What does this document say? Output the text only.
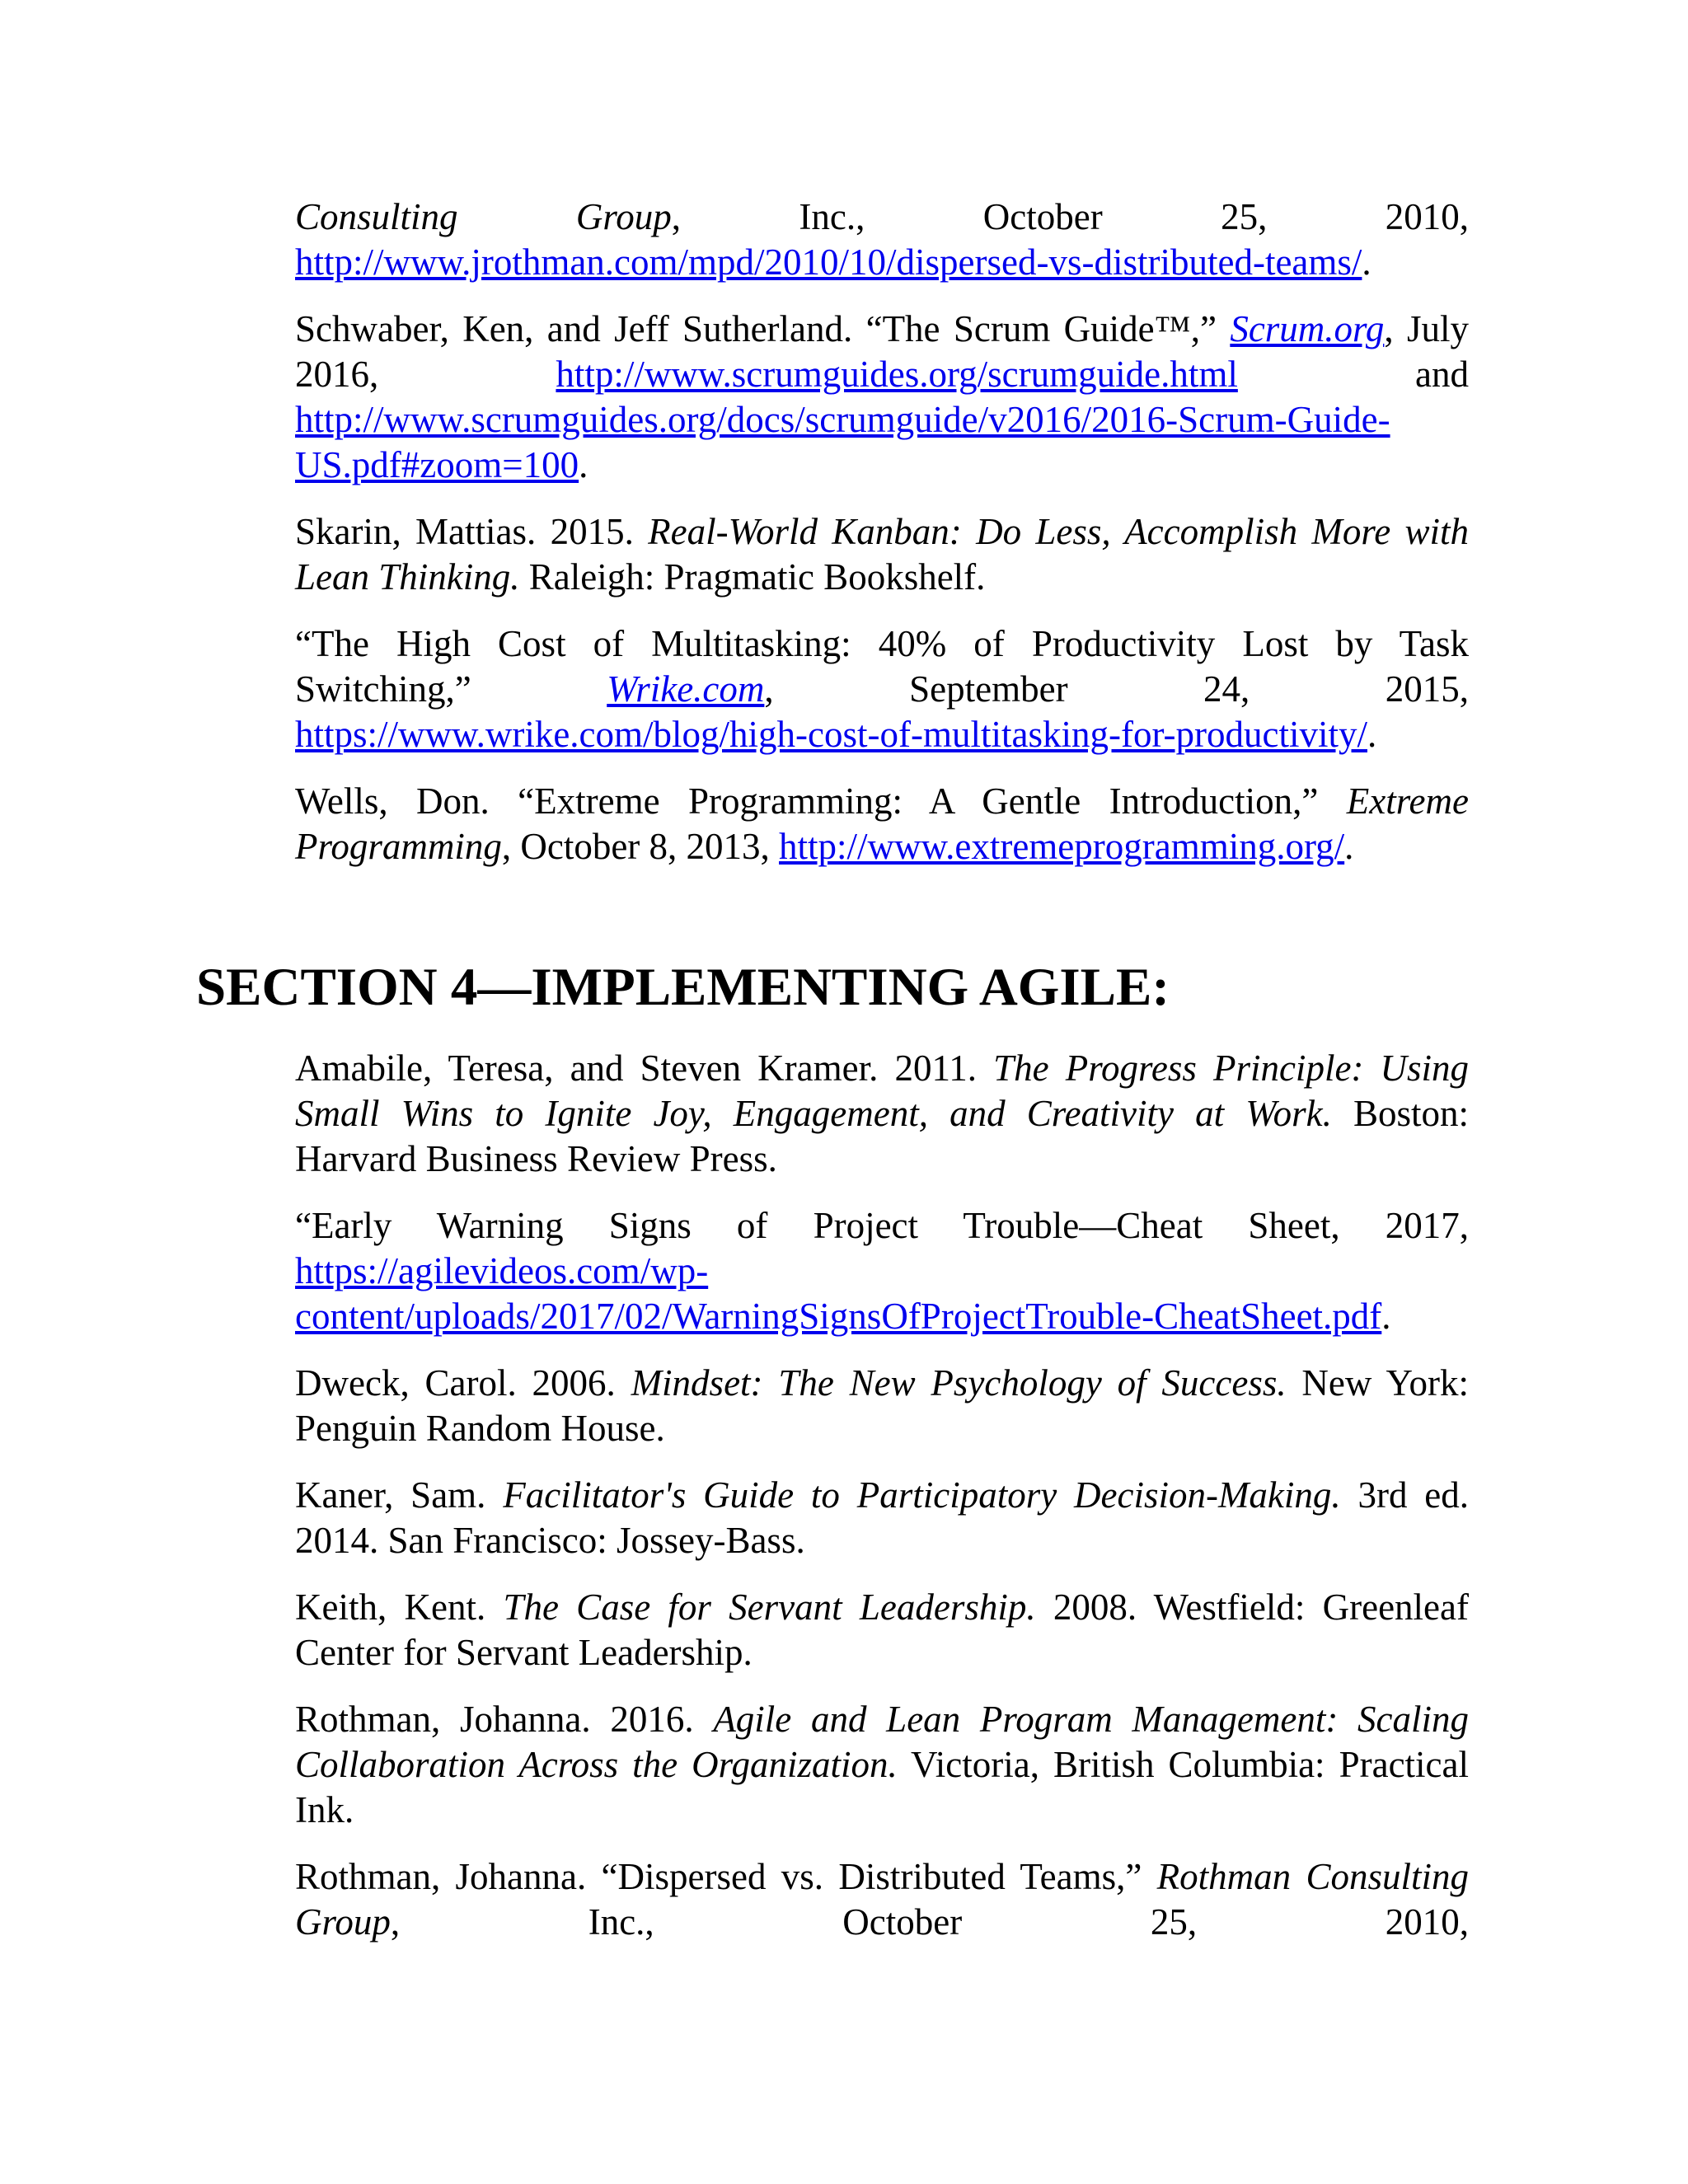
Consulting Group, Inc., October 25, 2010, http://www.jrothman.com/mpd/2010/10/dispersed-vs-distributed-teams/.

Schwaber, Ken, and Jeff Sutherland. “The Scrum Guide™,” Scrum.org, July 2016, http://www.scrumguides.org/scrumguide.html and http://www.scrumguides.org/docs/scrumguide/v2016/2016-Scrum-Guide-US.pdf#zoom=100.

Skarin, Mattias. 2015. Real-World Kanban: Do Less, Accomplish More with Lean Thinking. Raleigh: Pragmatic Bookshelf.

“The High Cost of Multitasking: 40% of Productivity Lost by Task Switching,” Wrike.com, September 24, 2015, https://www.wrike.com/blog/high-cost-of-multitasking-for-productivity/.

Wells, Don. “Extreme Programming: A Gentle Introduction,” Extreme Programming, October 8, 2013, http://www.extremeprogramming.org/.

SECTION 4—IMPLEMENTING AGILE:

Amabile, Teresa, and Steven Kramer. 2011. The Progress Principle: Using Small Wins to Ignite Joy, Engagement, and Creativity at Work. Boston: Harvard Business Review Press.

“Early Warning Signs of Project Trouble—Cheat Sheet, 2017, https://agilevideos.com/wp-content/uploads/2017/02/WarningSignsOfProjectTrouble-CheatSheet.pdf.

Dweck, Carol. 2006. Mindset: The New Psychology of Success. New York: Penguin Random House.

Kaner, Sam. Facilitator's Guide to Participatory Decision-Making. 3rd ed. 2014. San Francisco: Jossey-Bass.

Keith, Kent. The Case for Servant Leadership. 2008. Westfield: Greenleaf Center for Servant Leadership.

Rothman, Johanna. 2016. Agile and Lean Program Management: Scaling Collaboration Across the Organization. Victoria, British Columbia: Practical Ink.

Rothman, Johanna. “Dispersed vs. Distributed Teams,” Rothman Consulting Group, Inc., October 25, 2010,
